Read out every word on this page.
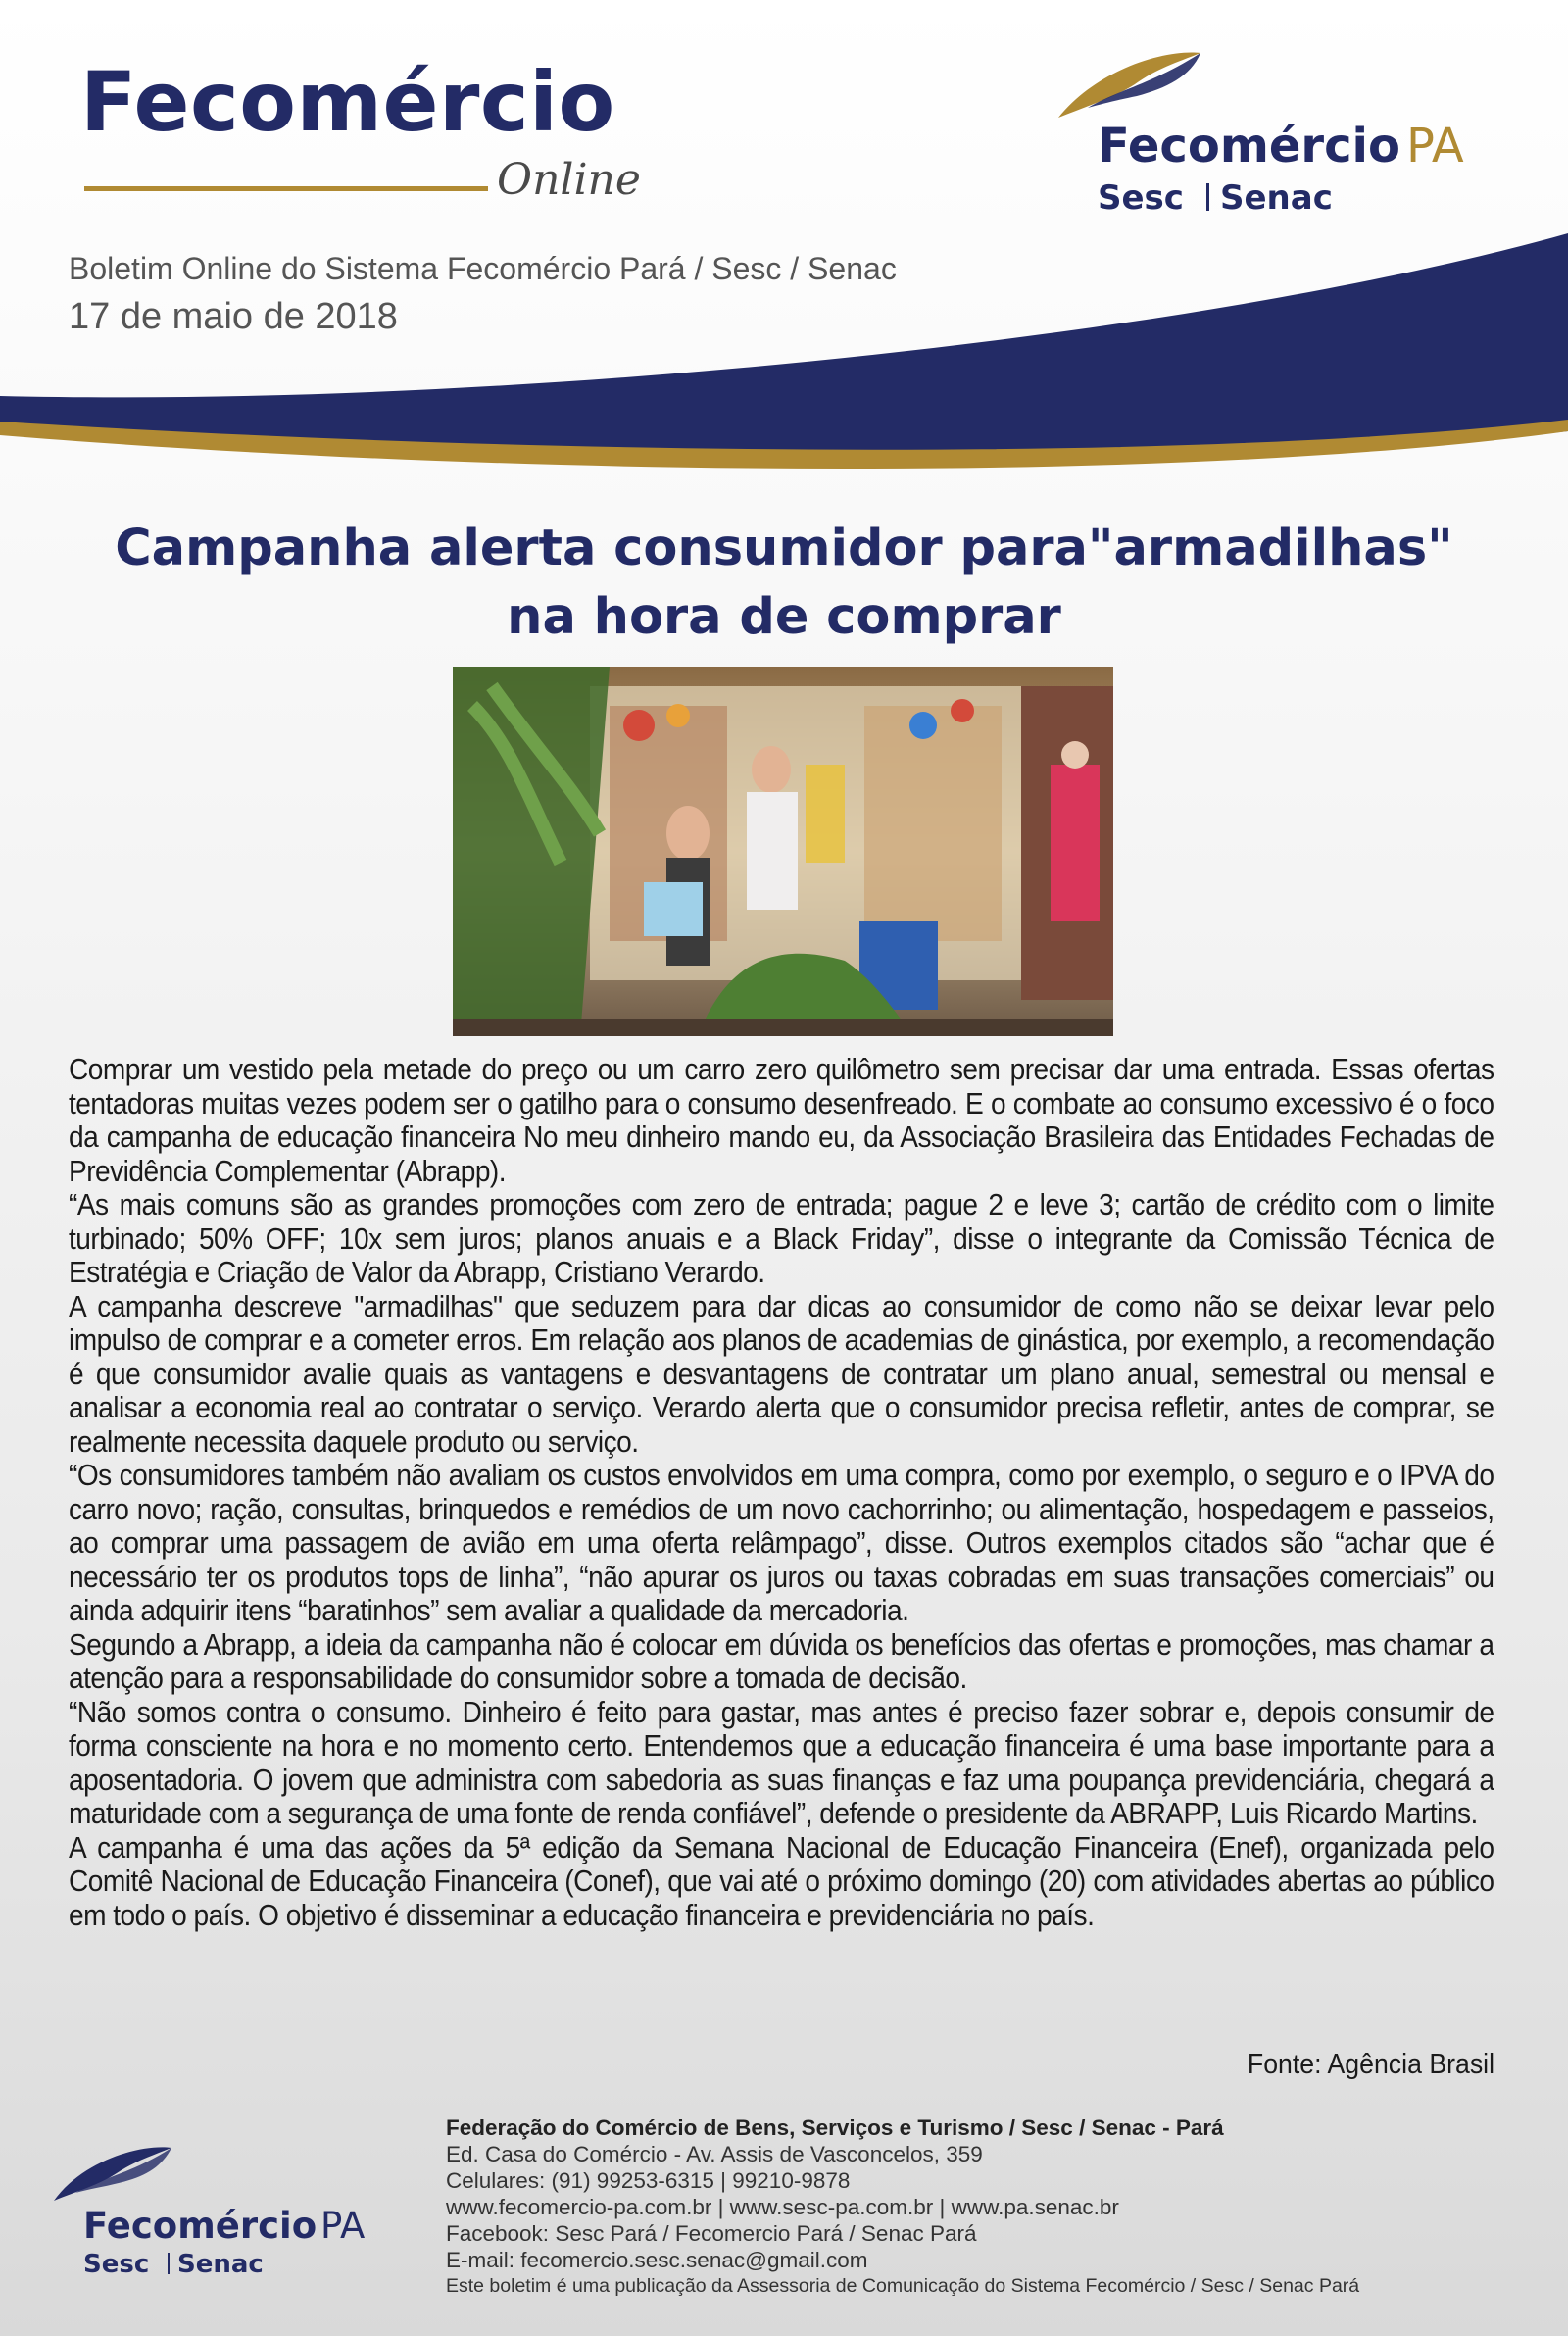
Fecomércio
Online
Fecomércio PA
Sesc Senac
Boletim Online do Sistema Fecomércio Pará / Sesc / Senac
17 de maio de 2018
Campanha alerta consumidor para"armadilhas"
na hora de comprar

Comprar um vestido pela metade do preço ou um carro zero quilômetro sem precisar dar uma entrada. Essas ofertas tentadoras muitas vezes podem ser o gatilho para o consumo desenfreado. E o combate ao consumo excessivo é o foco da campanha de educação financeira No meu dinheiro mando eu, da Associação Brasileira das Entidades Fechadas de Previdência Complementar (Abrapp).

“As mais comuns são as grandes promoções com zero de entrada; pague 2 e leve 3; cartão de crédito com o limite turbinado; 50% OFF; 10x sem juros; planos anuais e a Black Friday”, disse o integrante da Comissão Técnica de Estratégia e Criação de Valor da Abrapp, Cristiano Verardo.

A campanha descreve "armadilhas" que seduzem para dar dicas ao consumidor de como não se deixar levar pelo impulso de comprar e a cometer erros. Em relação aos planos de academias de ginástica, por exemplo, a recomendação é que consumidor avalie quais as vantagens e desvantagens de contratar um plano anual, semestral ou mensal e analisar a economia real ao contratar o serviço. Verardo alerta que o consumidor precisa refletir, antes de comprar, se realmente necessita daquele produto ou serviço.

“Os consumidores também não avaliam os custos envolvidos em uma compra, como por exemplo, o seguro e o IPVA do carro novo; ração, consultas, brinquedos e remédios de um novo cachorrinho; ou alimentação, hospedagem e passeios, ao comprar uma passagem de avião em uma oferta relâmpago”, disse. Outros exemplos citados são “achar que é necessário ter os produtos tops de linha”, “não apurar os juros ou taxas cobradas em suas transações comerciais” ou ainda adquirir itens “baratinhos” sem avaliar a qualidade da mercadoria.

Segundo a Abrapp, a ideia da campanha não é colocar em dúvida os benefícios das ofertas e promoções, mas chamar a atenção para a responsabilidade do consumidor sobre a tomada de decisão.

“Não somos contra o consumo. Dinheiro é feito para gastar, mas antes é preciso fazer sobrar e, depois consumir de forma consciente na hora e no momento certo. Entendemos que a educação financeira é uma base importante para a aposentadoria. O jovem que administra com sabedoria as suas finanças e faz uma poupança previdenciária, chegará a maturidade com a segurança de uma fonte de renda confiável”, defende o presidente da ABRAPP, Luis Ricardo Martins.

A campanha é uma das ações da 5ª edição da Semana Nacional de Educação Financeira (Enef), organizada pelo Comitê Nacional de Educação Financeira (Conef), que vai até o próximo domingo (20) com atividades abertas ao público em todo o país. O objetivo é disseminar a educação financeira e previdenciária no país.

Fonte: Agência Brasil
Fecomércio PA
Sesc Senac
Federação do Comércio de Bens, Serviços e Turismo / Sesc / Senac - Pará
Ed. Casa do Comércio - Av. Assis de Vasconcelos, 359
Celulares: (91) 99253-6315 | 99210-9878
www.fecomercio-pa.com.br | www.sesc-pa.com.br | www.pa.senac.br
Facebook: Sesc Pará / Fecomercio Pará / Senac Pará
E-mail: fecomercio.sesc.senac@gmail.com
Este boletim é uma publicação da Assessoria de Comunicação do Sistema Fecomércio / Sesc / Senac Pará
